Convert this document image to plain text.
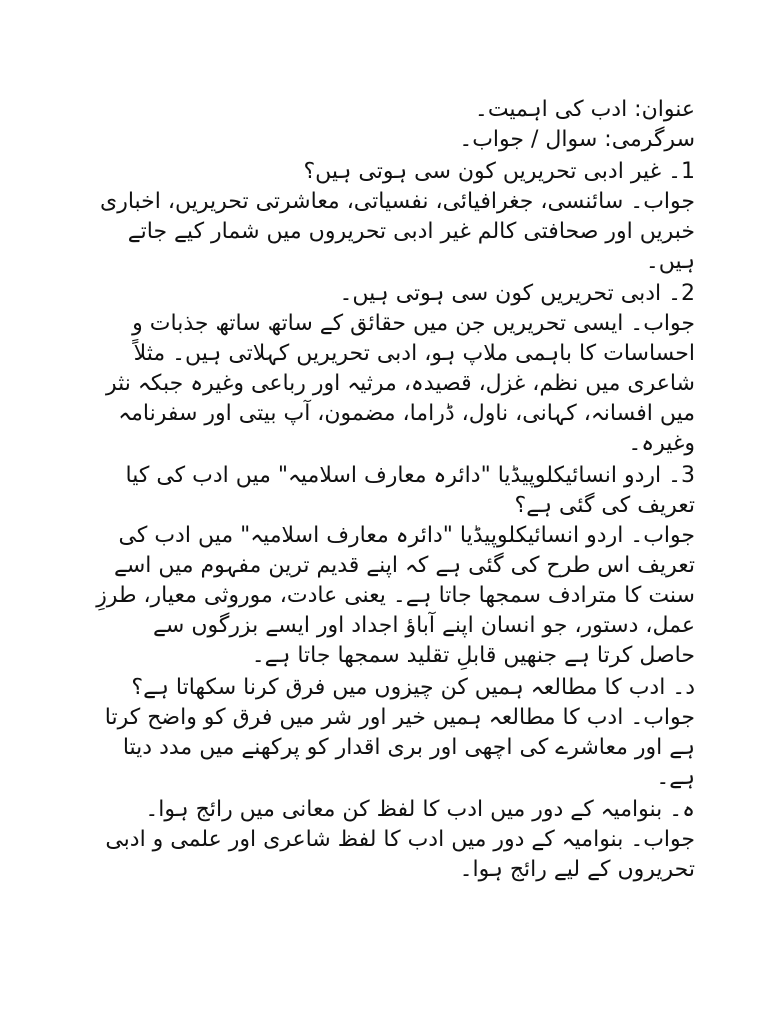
عنوان: ادب کی اہمیت۔

سرگرمی: سوال / جواب۔

1۔ غیر ادبی تحریریں کون سی ہوتی ہیں؟

جواب۔ سائنسی، جغرافیائی، نفسیاتی، معاشرتی تحریریں، اخباری خبریں اور صحافتی کالم غیر ادبی تحریروں میں شمار کیے جاتے ہیں۔

2۔ ادبی تحریریں کون سی ہوتی ہیں۔

جواب۔ ایسی تحریریں جن میں حقائق کے ساتھ ساتھ جذبات و احساسات کا باہمی ملاپ ہو، ادبی تحریریں کہلاتی ہیں۔ مثلاً شاعری میں نظم، غزل، قصیدہ، مرثیہ اور رباعی وغیرہ جبکہ نثر میں افسانہ، کہانی، ناول، ڈراما، مضمون، آپ بیتی اور سفرنامہ وغیرہ۔

3۔ اردو انسائیکلوپیڈیا "دائرہ معارف اسلامیہ" میں ادب کی کیا تعریف کی گئی ہے؟

جواب۔ اردو انسائیکلوپیڈیا "دائرہ معارف اسلامیہ" میں ادب کی تعریف اس طرح کی گئی ہے کہ اپنے قدیم ترین مفہوم میں اسے سنت کا مترادف سمجھا جاتا ہے۔ یعنی عادت، موروثی معیار، طرزِ عمل، دستور، جو انسان اپنے آباؤ اجداد اور ایسے بزرگوں سے حاصل کرتا ہے جنھیں قابلِ تقلید سمجھا جاتا ہے۔

د۔ ادب کا مطالعہ ہمیں کن چیزوں میں فرق کرنا سکھاتا ہے؟

جواب۔ ادب کا مطالعہ ہمیں خیر اور شر میں فرق کو واضح کرتا ہے اور معاشرے کی اچھی اور بری اقدار کو پرکھنے میں مدد دیتا ہے۔

ہ۔ بنوامیہ کے دور میں ادب کا لفظ کن معانی میں رائج ہوا۔

جواب۔ بنوامیہ کے دور میں ادب کا لفظ شاعری اور علمی و ادبی تحریروں کے لیے رائج ہوا۔
